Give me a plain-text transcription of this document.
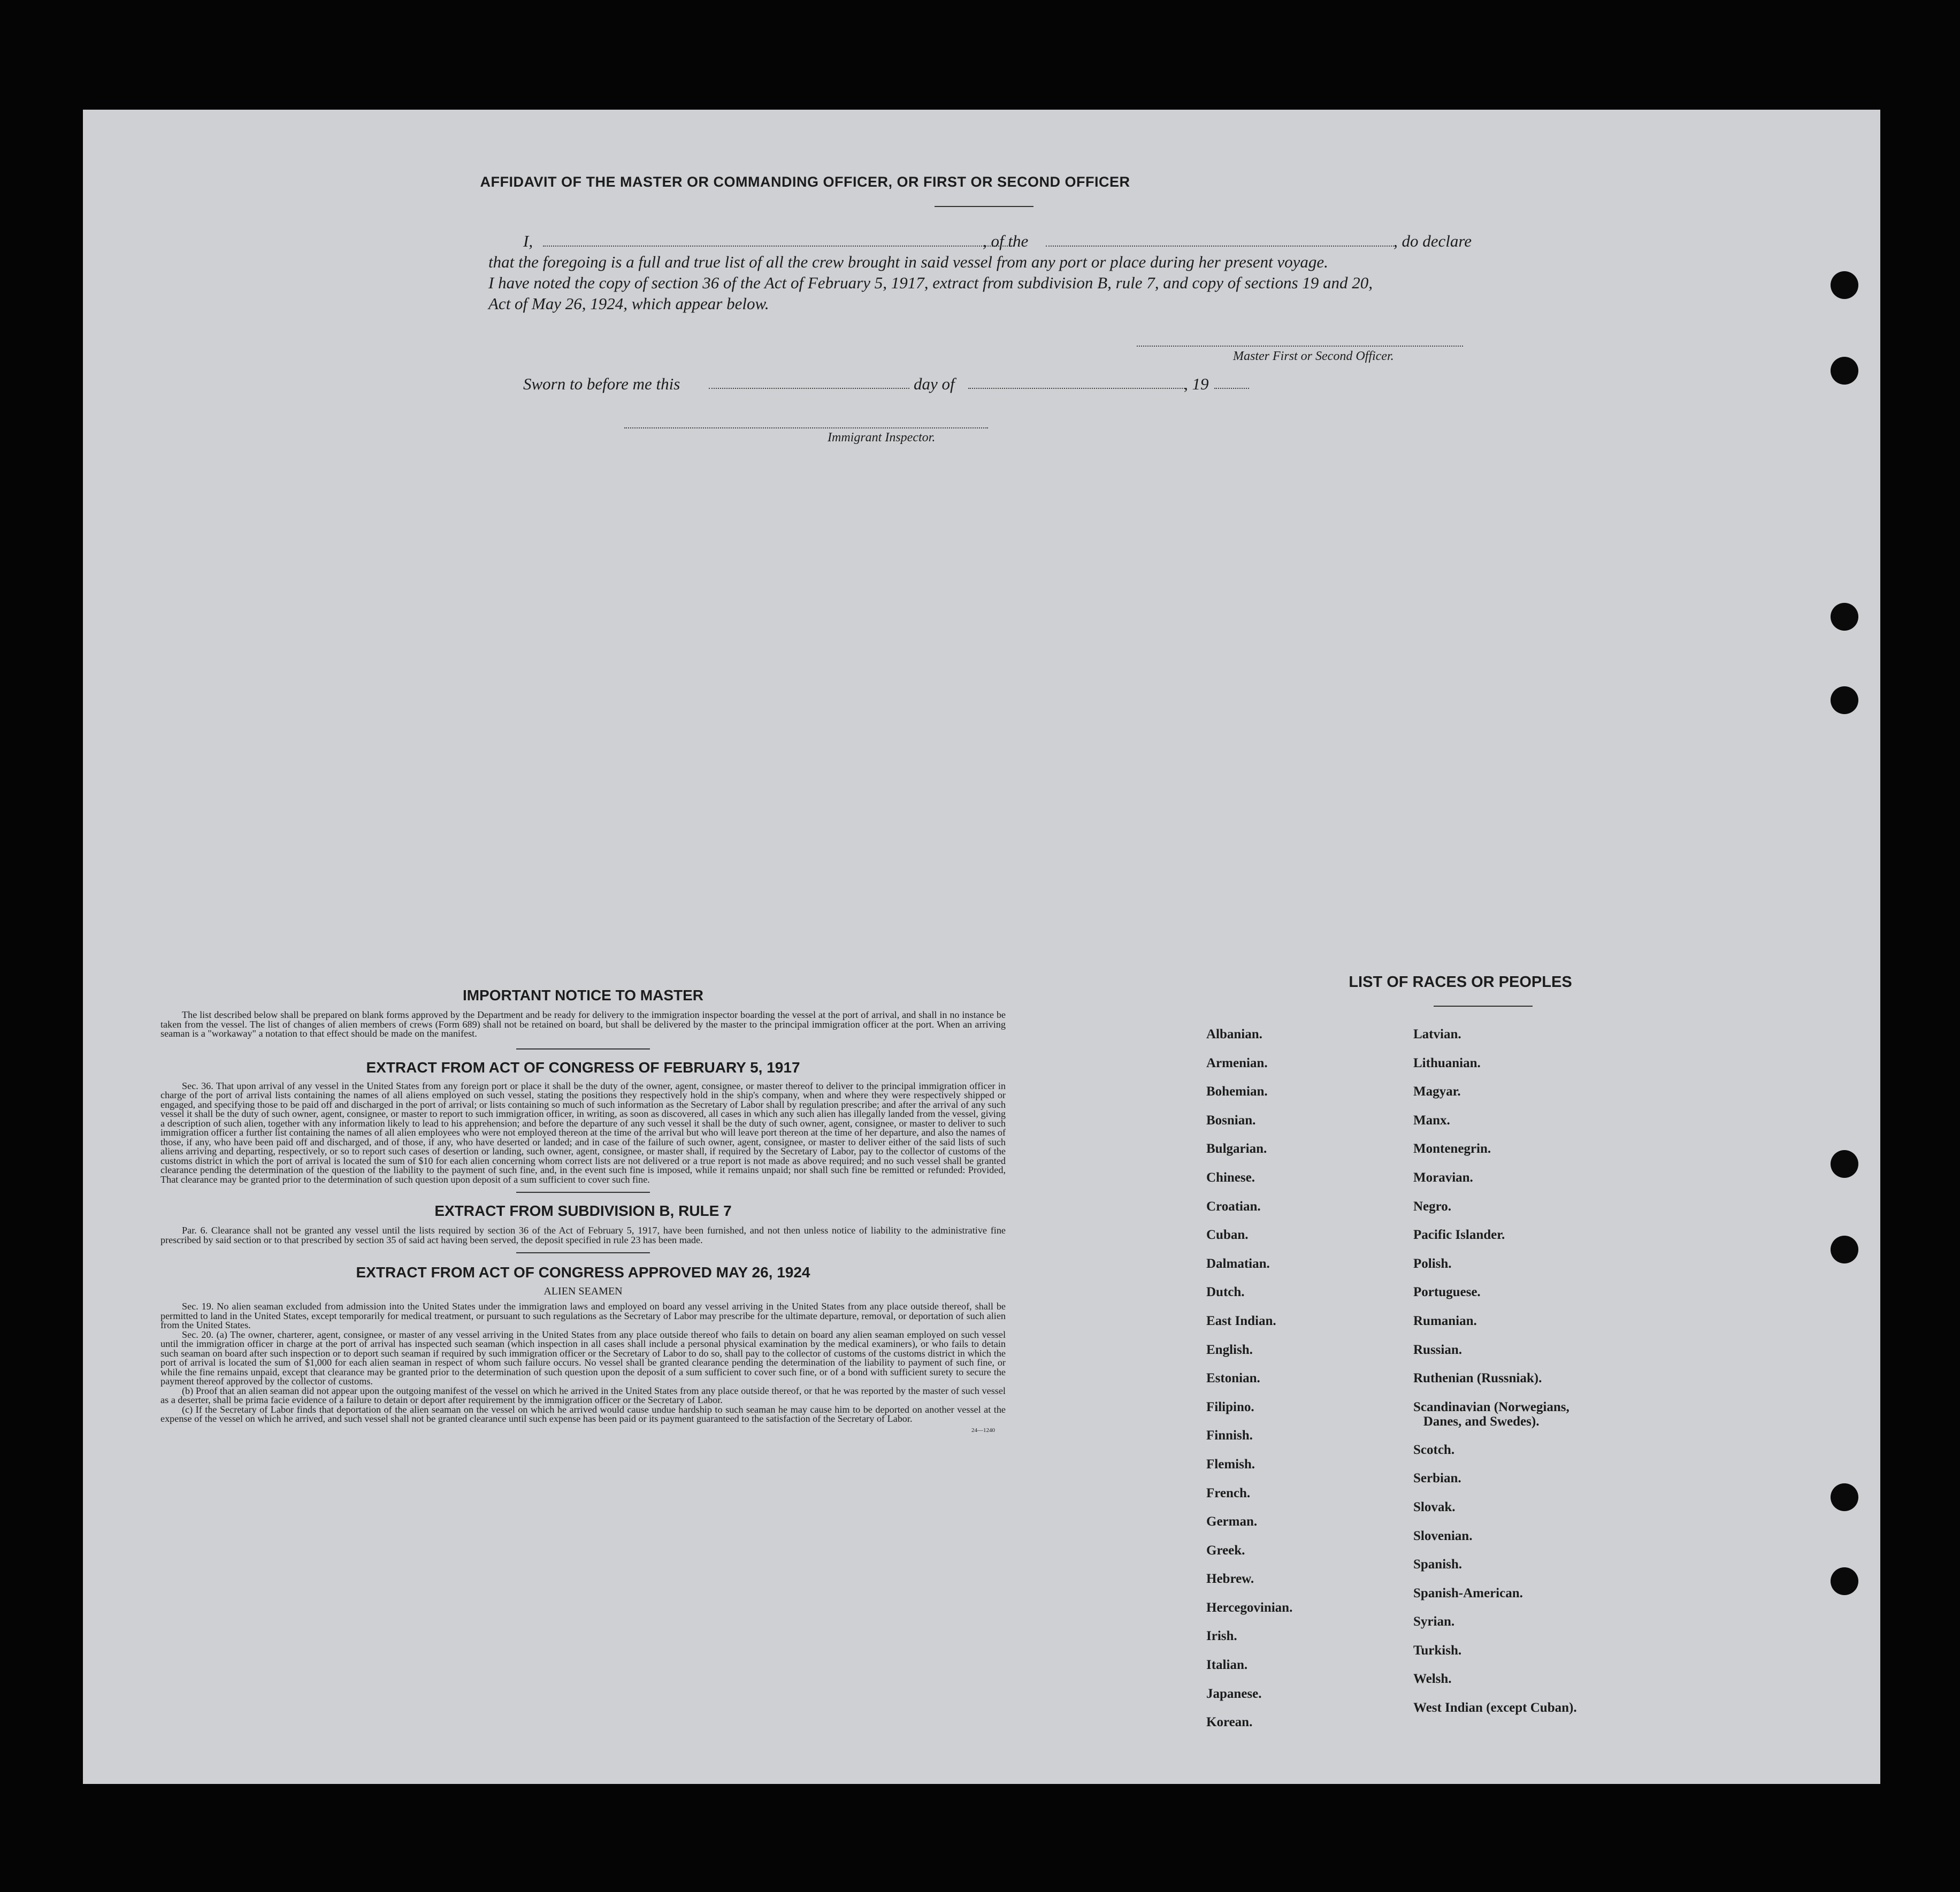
AFFIDAVIT OF THE MASTER OR COMMANDING OFFICER, OR FIRST OR SECOND OFFICER
I,	, of the	, do declare
that the foregoing is a full and true list of all the crew brought in said vessel from any port or place during her present voyage.
I have noted the copy of section 36 of the Act of February 5, 1917, extract from subdivision B, rule 7, and copy of sections 19 and 20,
Act of May 26, 1924, which appear below.
Master First or Second Officer.
Sworn to before me this	day of	, 19
Immigrant Inspector.
IMPORTANT NOTICE TO MASTER

The list described below shall be prepared on blank forms approved by the Department and be ready for delivery to the immigration inspector boarding the vessel at the port of arrival, and shall in no instance be taken from the vessel. The list of changes of alien members of crews (Form 689) shall not be retained on board, but shall be delivered by the master to the principal immigration officer at the port. When an arriving seaman is a "workaway" a notation to that effect should be made on the manifest.

EXTRACT FROM ACT OF CONGRESS OF FEBRUARY 5, 1917

Sec. 36. That upon arrival of any vessel in the United States from any foreign port or place it shall be the duty of the owner, agent, consignee, or master thereof to deliver to the principal immigration officer in charge of the port of arrival lists containing the names of all aliens employed on such vessel, stating the positions they respectively hold in the ship's company, when and where they were respectively shipped or engaged, and specifying those to be paid off and discharged in the port of arrival; or lists containing so much of such information as the Secretary of Labor shall by regulation prescribe; and after the arrival of any such vessel it shall be the duty of such owner, agent, consignee, or master to report to such immigration officer, in writing, as soon as discovered, all cases in which any such alien has illegally landed from the vessel, giving a description of such alien, together with any information likely to lead to his apprehension; and before the departure of any such vessel it shall be the duty of such owner, agent, consignee, or master to deliver to such immigration officer a further list containing the names of all alien employees who were not employed thereon at the time of the arrival but who will leave port thereon at the time of her departure, and also the names of those, if any, who have been paid off and discharged, and of those, if any, who have deserted or landed; and in case of the failure of such owner, agent, consignee, or master to deliver either of the said lists of such aliens arriving and departing, respectively, or so to report such cases of desertion or landing, such owner, agent, consignee, or master shall, if required by the Secretary of Labor, pay to the collector of customs of the customs district in which the port of arrival is located the sum of $10 for each alien concerning whom correct lists are not delivered or a true report is not made as above required; and no such vessel shall be granted clearance pending the determination of the question of the liability to the payment of such fine, and, in the event such fine is imposed, while it remains unpaid; nor shall such fine be remitted or refunded: Provided, That clearance may be granted prior to the determination of such question upon deposit of a sum sufficient to cover such fine.

EXTRACT FROM SUBDIVISION B, RULE 7

Par. 6. Clearance shall not be granted any vessel until the lists required by section 36 of the Act of February 5, 1917, have been furnished, and not then unless notice of liability to the administrative fine prescribed by said section or to that prescribed by section 35 of said act having been served, the deposit specified in rule 23 has been made.

EXTRACT FROM ACT OF CONGRESS APPROVED MAY 26, 1924
ALIEN SEAMEN

Sec. 19. No alien seaman excluded from admission into the United States under the immigration laws and employed on board any vessel arriving in the United States from any place outside thereof, shall be permitted to land in the United States, except temporarily for medical treatment, or pursuant to such regulations as the Secretary of Labor may prescribe for the ultimate departure, removal, or deportation of such alien from the United States.

Sec. 20. (a) The owner, charterer, agent, consignee, or master of any vessel arriving in the United States from any place outside thereof who fails to detain on board any alien seaman employed on such vessel until the immigration officer in charge at the port of arrival has inspected such seaman (which inspection in all cases shall include a personal physical examination by the medical examiners), or who fails to detain such seaman on board after such inspection or to deport such seaman if required by such immigration officer or the Secretary of Labor to do so, shall pay to the collector of customs of the customs district in which the port of arrival is located the sum of $1,000 for each alien seaman in respect of whom such failure occurs. No vessel shall be granted clearance pending the determination of the liability to payment of such fine, or while the fine remains unpaid, except that clearance may be granted prior to the determination of such question upon the deposit of a sum sufficient to cover such fine, or of a bond with sufficient surety to secure the payment thereof approved by the collector of customs.

(b) Proof that an alien seaman did not appear upon the outgoing manifest of the vessel on which he arrived in the United States from any place outside thereof, or that he was reported by the master of such vessel as a deserter, shall be prima facie evidence of a failure to detain or deport after requirement by the immigration officer or the Secretary of Labor.

(c) If the Secretary of Labor finds that deportation of the alien seaman on the vessel on which he arrived would cause undue hardship to such seaman he may cause him to be deported on another vessel at the expense of the vessel on which he arrived, and such vessel shall not be granted clearance until such expense has been paid or its payment guaranteed to the satisfaction of the Secretary of Labor.

24—1240
LIST OF RACES OR PEOPLES
Albanian.
Armenian.
Bohemian.
Bosnian.
Bulgarian.
Chinese.
Croatian.
Cuban.
Dalmatian.
Dutch.
East Indian.
English.
Estonian.
Filipino.
Finnish.
Flemish.
French.
German.
Greek.
Hebrew.
Hercegovinian.
Irish.
Italian.
Japanese.
Korean.
Latvian.
Lithuanian.
Magyar.
Manx.
Montenegrin.
Moravian.
Negro.
Pacific Islander.
Polish.
Portuguese.
Rumanian.
Russian.
Ruthenian (Russniak).
Scandinavian (Norwegians,
Danes, and Swedes).
Scotch.
Serbian.
Slovak.
Slovenian.
Spanish.
Spanish-American.
Syrian.
Turkish.
Welsh.
West Indian (except Cuban).
